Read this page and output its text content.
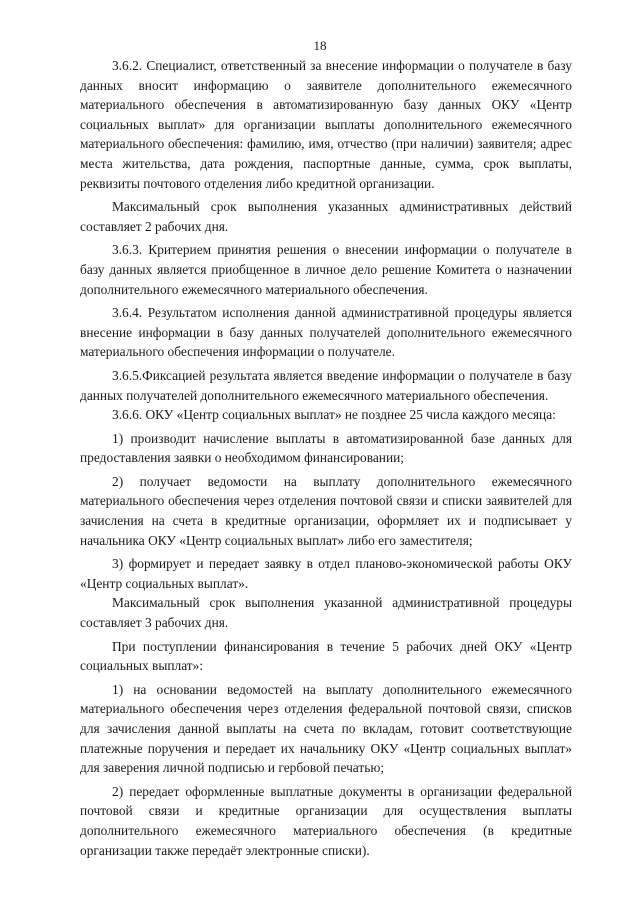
18

3.6.2. Специалист, ответственный за внесение информации о получателе в базу данных вносит информацию о заявителе дополнительного ежемесячного материального обеспечения в автоматизированную базу данных ОКУ «Центр социальных выплат» для организации выплаты дополнительного ежемесячного материального обеспечения: фамилию, имя, отчество (при наличии) заявителя; адрес места жительства, дата рождения, паспортные данные, сумма, срок выплаты, реквизиты почтового отделения либо кредитной организации.

Максимальный срок выполнения указанных административных действий составляет 2 рабочих дня.

3.6.3. Критерием принятия решения о внесении информации о получателе в базу данных является приобщенное в личное дело решение Комитета о назначении дополнительного ежемесячного материального обеспечения.

3.6.4. Результатом исполнения данной административной процедуры является внесение информации в базу данных получателей дополнительного ежемесячного материального обеспечения информации о получателе.

3.6.5.Фиксацией результата является введение информации о получателе в базу данных получателей дополнительного ежемесячного материального обеспечения.

3.6.6. ОКУ «Центр социальных выплат» не позднее 25 числа каждого месяца:

1) производит начисление выплаты в автоматизированной базе данных для предоставления заявки о необходимом финансировании;

2) получает ведомости на выплату дополнительного ежемесячного материального обеспечения через отделения почтовой связи и списки заявителей для зачисления на счета в кредитные организации, оформляет их и подписывает у начальника ОКУ «Центр социальных выплат» либо его заместителя;

3) формирует и передает заявку в отдел планово-экономической работы ОКУ «Центр социальных выплат».

Максимальный срок выполнения указанной административной процедуры составляет 3 рабочих дня.

При поступлении финансирования в течение 5 рабочих дней ОКУ «Центр социальных выплат»:

1) на основании ведомостей на выплату дополнительного ежемесячного материального обеспечения через отделения федеральной почтовой связи, списков для зачисления данной выплаты на счета по вкладам, готовит соответствующие платежные поручения и передает их начальнику ОКУ «Центр социальных выплат» для заверения личной подписью и гербовой печатью;

2) передает оформленные выплатные документы в организации федеральной почтовой связи и кредитные организации для осуществления выплаты дополнительного ежемесячного материального обеспечения (в кредитные организации также передаёт электронные списки).
